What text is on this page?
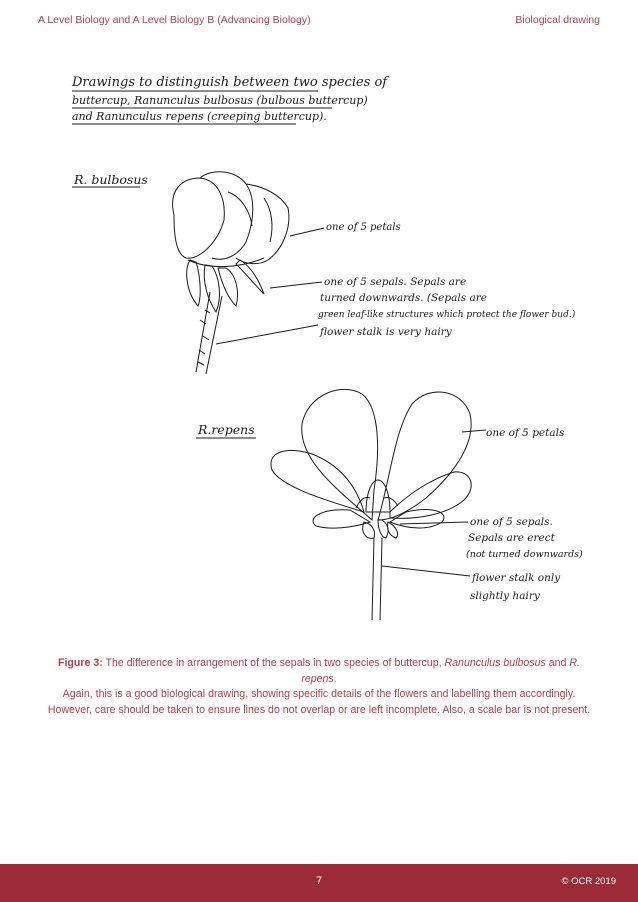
A Level Biology and A Level Biology B (Advancing Biology)	Biological drawing
Drawings to distinguish between two species of
buttercup, Ranunculus bulbosus (bulbous buttercup)
and Ranunculus repens (creeping buttercup).
R. bulbosus
one of 5 petals
one of 5 sepals. Sepals are
turned downwards. (Sepals are
green leaf-like structures which protect the flower bud.)
flower stalk is very hairy
R.repens	one of 5 petals
one of 5 sepals.
Sepals are erect
(not turned downwards)
flower stalk only
slightly hairy
Figure 3: The difference in arrangement of the sepals in two species of buttercup, Ranunculus bulbosus and R. repens.
Again, this is a good biological drawing, showing specific details of the flowers and labelling them accordingly.
However, care should be taken to ensure lines do not overlap or are left incomplete. Also, a scale bar is not present.
7	© OCR 2019
